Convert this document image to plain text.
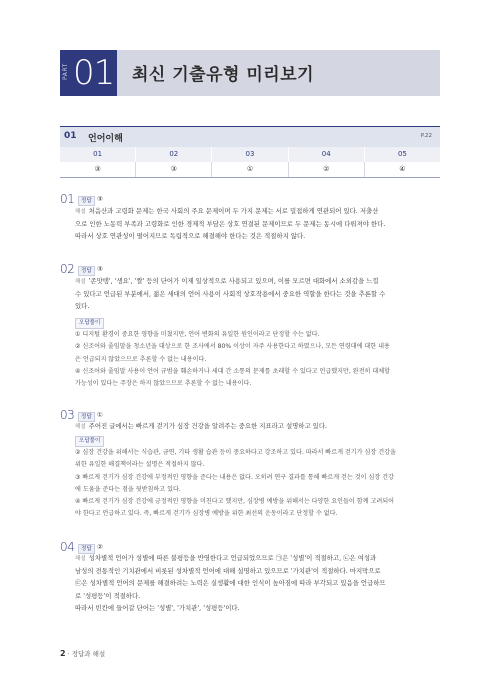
PART 01 최신 기출유형 미리보기
01 언어이해	P.22
01	02	03	04	05
③	③	①	②	④
01	정답 ③
해설 처음산과 고령화 문제는 한국 사회의 주요 문제이며 두 가지 문제는 서로 밀접하게 연관되어 있다. 저출산
으로 인한 노동력 부족과 고령화로 인한 경제적 부담은 상호 연결된 문제이므로 두 문제는 동시에 다뤄져야 한다.
따라서 상호 연관성이 떨어지므로 독립적으로 해결해야 한다는 것은 적절하지 않다.
02	정답 ③
해설 '존맛탱', '생요', '짤' 등의 단어가 이제 일상적으로 사용되고 있으며, 이를 모르면 대화에서 소외감을 느낄
수 있다고 언급된 부분에서, 젊은 세대의 언어 사용이 사회적 상호작용에서 중요한 역할을 한다는 것을 추론할 수
있다.
오답풀이
① 디지털 환경이 중요한 영향을 미쳤지만, 언어 변화의 유일한 원인이라고 단정할 수는 없다.
② 신조어와 줄임말을 청소년을 대상으로 한 조사에서 80% 이상이 자주 사용한다고 하였으나, 모든 연령대에 대한 내용
은 언급되지 않았으므로 추론할 수 없는 내용이다.
④ 신조어와 줄임말 사용이 언어 규범을 훼손하거나 세대 간 소통의 문제를 초래할 수 있다고 언급했지만, 완전히 대체할
가능성이 있다는 주장은 하지 않았으므로 추론할 수 없는 내용이다.
03	정답 ①
해설 주어진 글에서는 빠르게 걷기가 심장 건강을 알려주는 중요한 지표라고 설명하고 있다.
오답풀이
② 심장 건강을 위해서는 식습관, 금연, 기타 생활 습관 등이 중요하다고 강조하고 있다. 따라서 빠르게 걷기가 심장 건강을
위한 유일한 해결책이라는 설명은 적절하지 않다.
③ 빠르게 걷기가 심장 건강에 부정적인 영향을 준다는 내용은 없다. 오히려 연구 결과를 통해 빠르게 걷는 것이 심장 건강
에 도움을 준다는 점을 뒷받침하고 있다.
④ 빠르게 걷기가 심장 건강에 긍정적인 영향을 미친다고 했지만, 심장병 예방을 위해서는 다양한 요인들이 함께 고려되어
야 한다고 언급하고 있다. 즉, 빠르게 걷기가 심장병 예방을 위한 최선의 운동이라고 단정할 수 없다.
04	정답 ②
해설 성차별적 언어가 성별에 따른 불평등을 반영한다고 언급되었으므로 ㉠은 '성별'이 적절하고, ㉡은 여성과
남성의 전통적인 기치관에서 비롯된 성차별적 언어에 대해 설명하고 있으므로 '가치관'이 적절하다. 마지막으로
㉢은 성차별적 언어의 문제를 해결하려는 노력은 실생활에 대한 인식이 높아짐에 따라 부각되고 있음을 언급하므
로 '성평등'이 적절하다.
따라서 빈칸에 들어갈 단어는 '성별', '가치관', '성평등'이다.
2 · 정답과 해설
